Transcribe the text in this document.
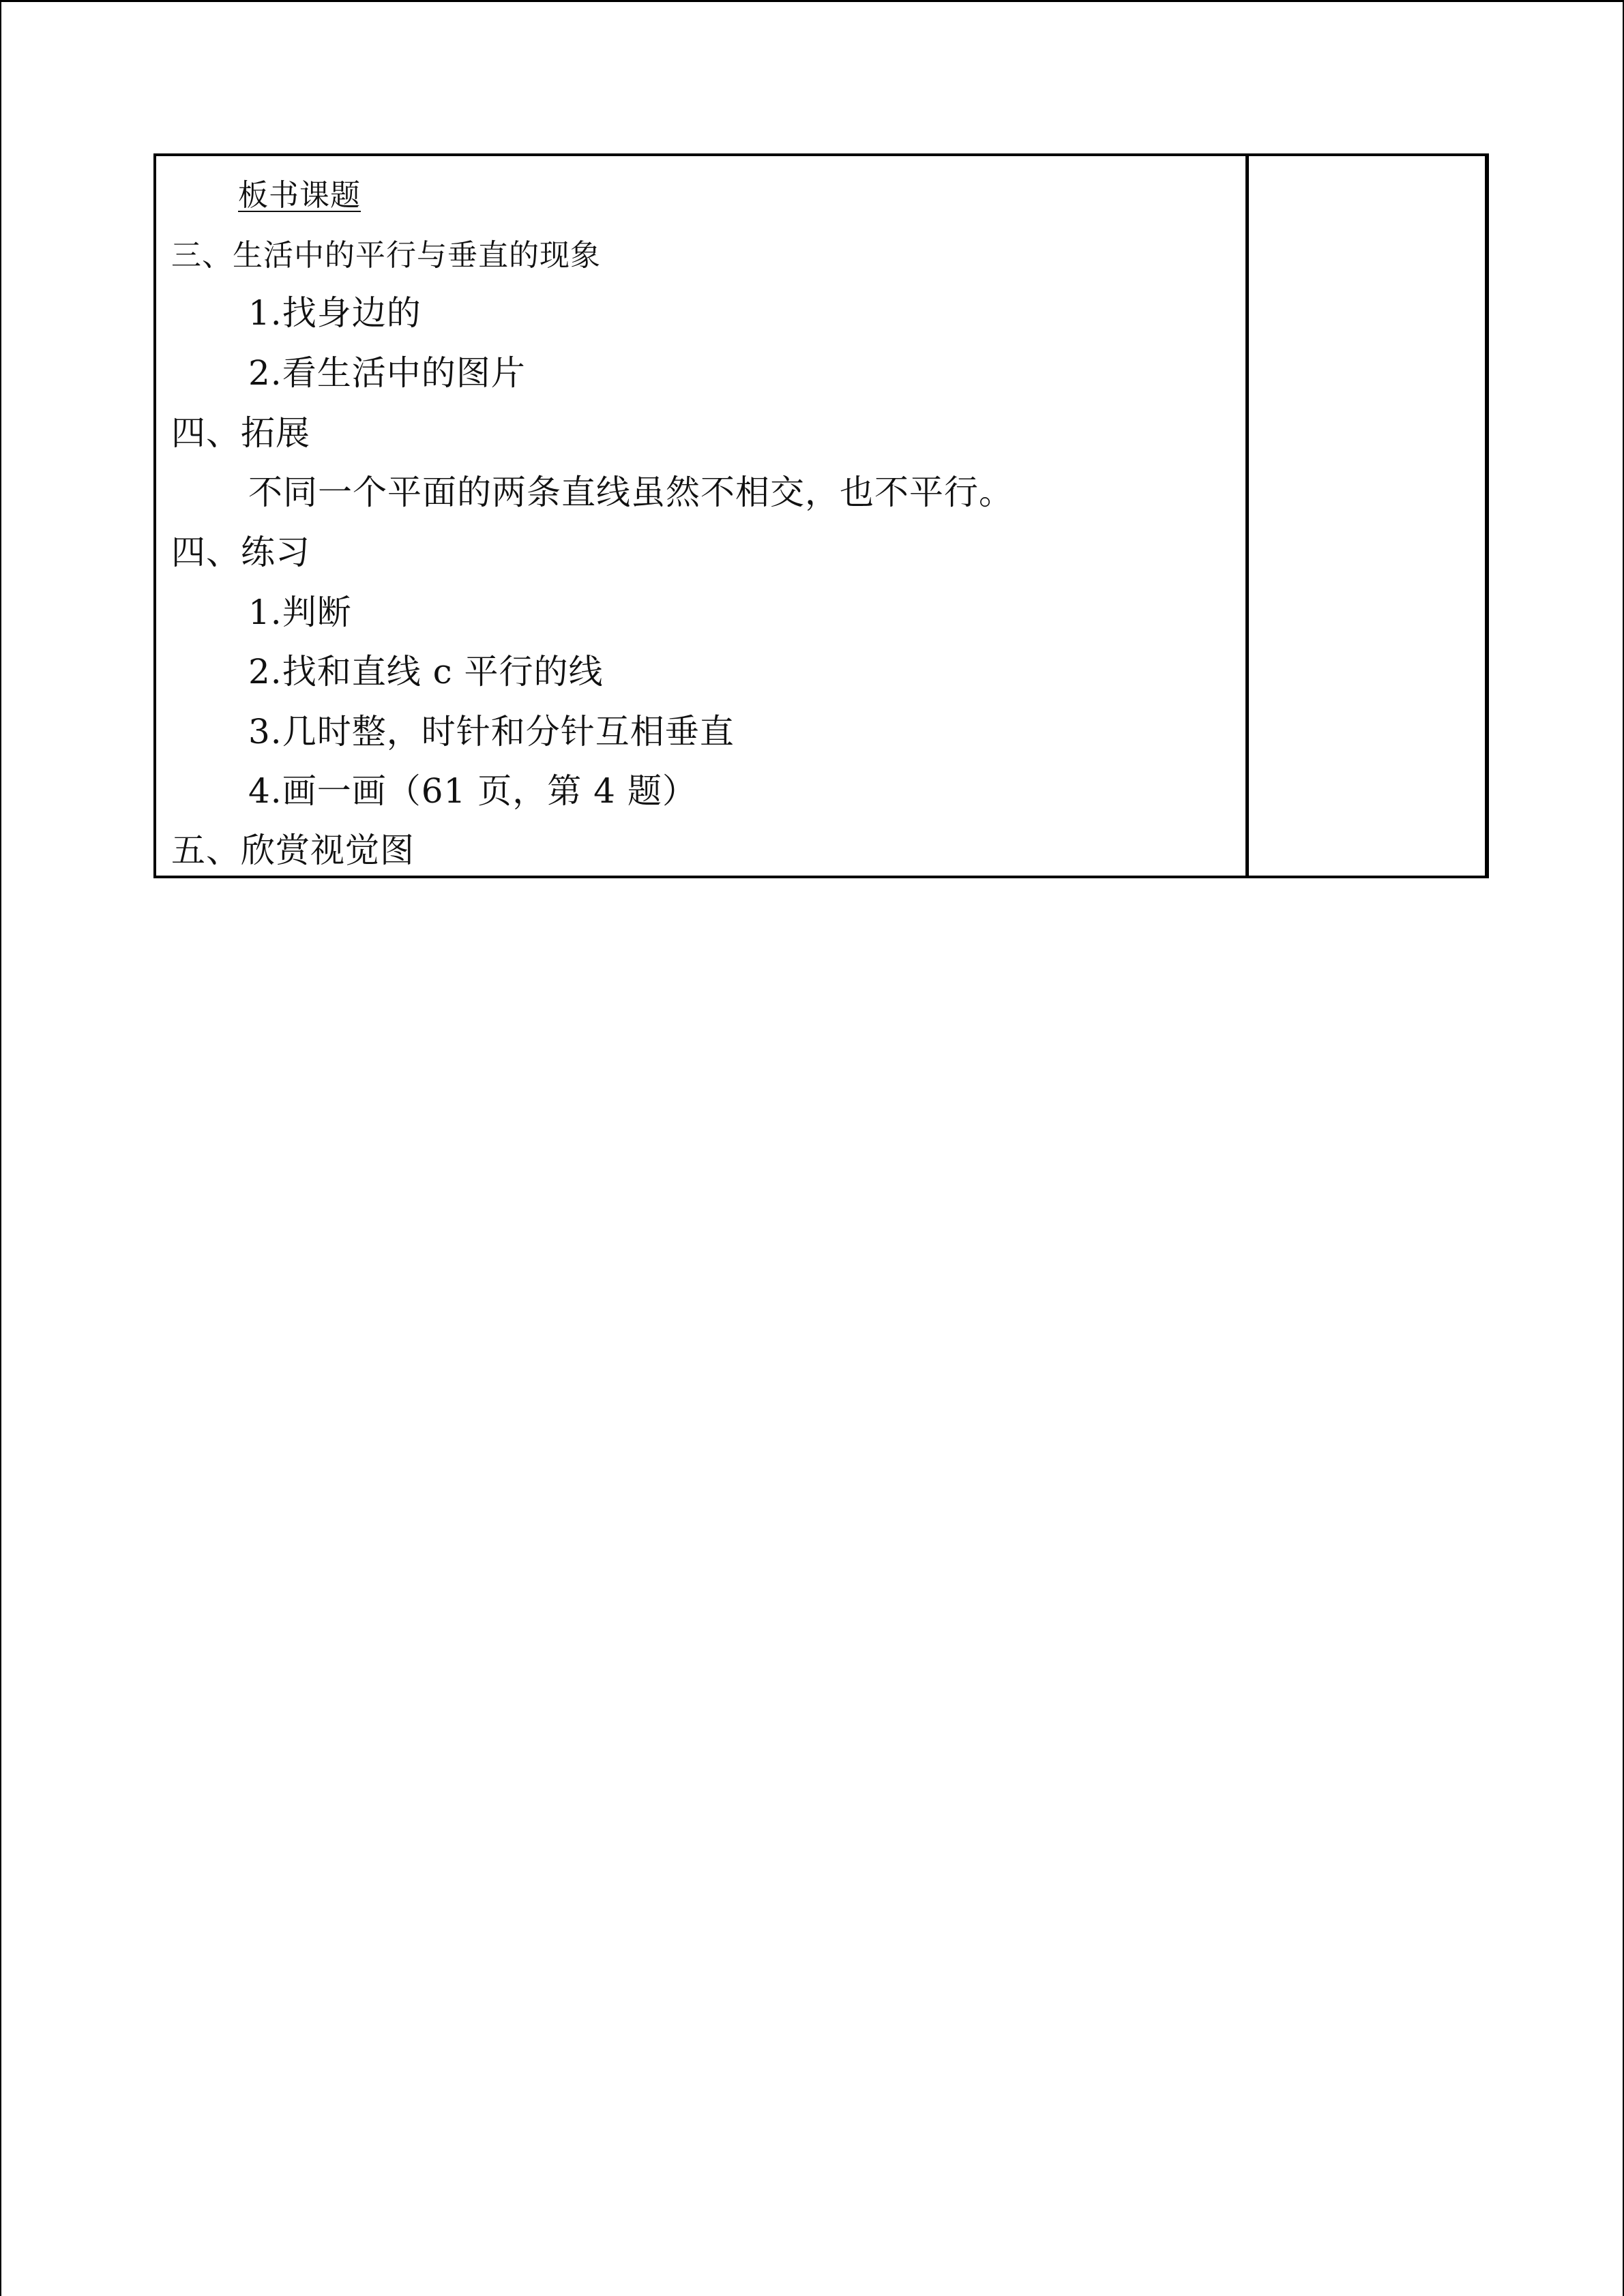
板书课题
三、生活中的平行与垂直的现象
1.找身边的
2.看生活中的图片
四、拓展
不同一个平面的两条直线虽然不相交，也不平行。
四、练习
1.判断
2.找和直线 c 平行的线
3.几时整，时针和分针互相垂直
4.画一画（61 页，第 4 题）
五、欣赏视觉图
